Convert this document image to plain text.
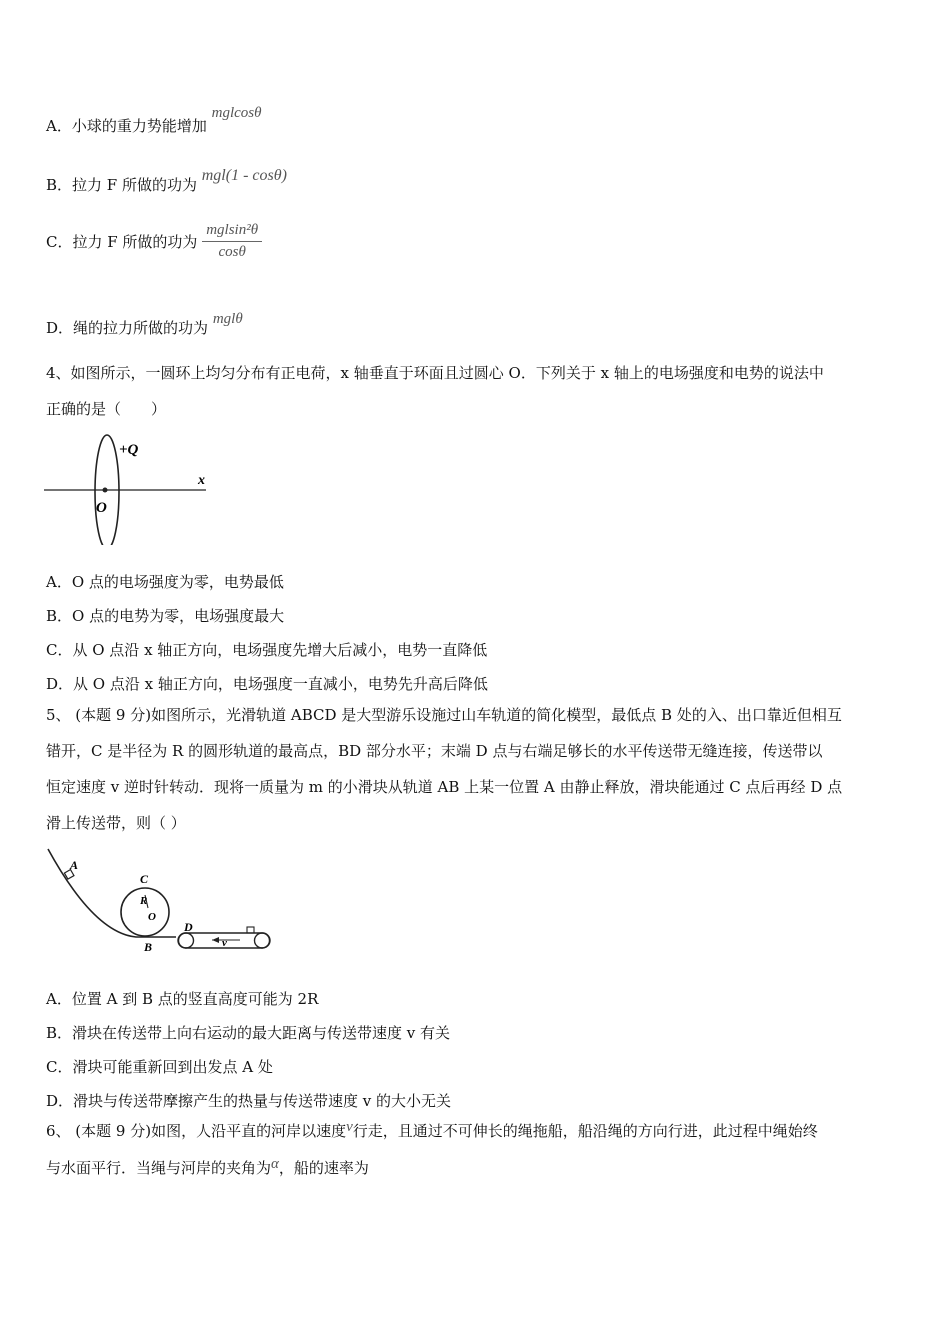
A．小球的重力势能增加 mglcosθ
B．拉力 F 所做的功为 mgl(1 - cosθ)
C．拉力 F 所做的功为 $\frac{\text{mglsin²θ}}{\cos\theta}$
D．绳的拉力所做的功为 mglθ
4、如图所示，一圆环上均匀分布有正电荷，x 轴垂直于环面且过圆心 O．下列关于 x 轴上的电场强度和电势的说法中
正确的是（　　）
+Q
x
O
A．O 点的电场强度为零，电势最低
B．O 点的电势为零，电场强度最大
C．从 O 点沿 x 轴正方向，电场强度先增大后减小，电势一直降低
D．从 O 点沿 x 轴正方向，电场强度一直减小，电势先升高后降低
5、 (本题 9 分)如图所示，光滑轨道 ABCD 是大型游乐设施过山车轨道的简化模型，最低点 B 处的入、出口靠近但相互
错开，C 是半径为 R 的圆形轨道的最高点，BD 部分水平；末端 D 点与右端足够长的水平传送带无缝连接，传送带以
恒定速度 v 逆时针转动．现将一质量为 m 的小滑块从轨道 AB 上某一位置 A 由静止释放，滑块能通过 C 点后再经 D 点
滑上传送带，则（ ）
A
C
R
O
B
D
v
A．位置 A 到 B 点的竖直高度可能为 2R
B．滑块在传送带上向右运动的最大距离与传送带速度 v 有关
C．滑块可能重新回到出发点 A 处
D．滑块与传送带摩擦产生的热量与传送带速度 v 的大小无关
6、 (本题 9 分)如图，人沿平直的河岸以速度v行走，且通过不可伸长的绳拖船，船沿绳的方向行进，此过程中绳始终
与水面平行．当绳与河岸的夹角为α，船的速率为
